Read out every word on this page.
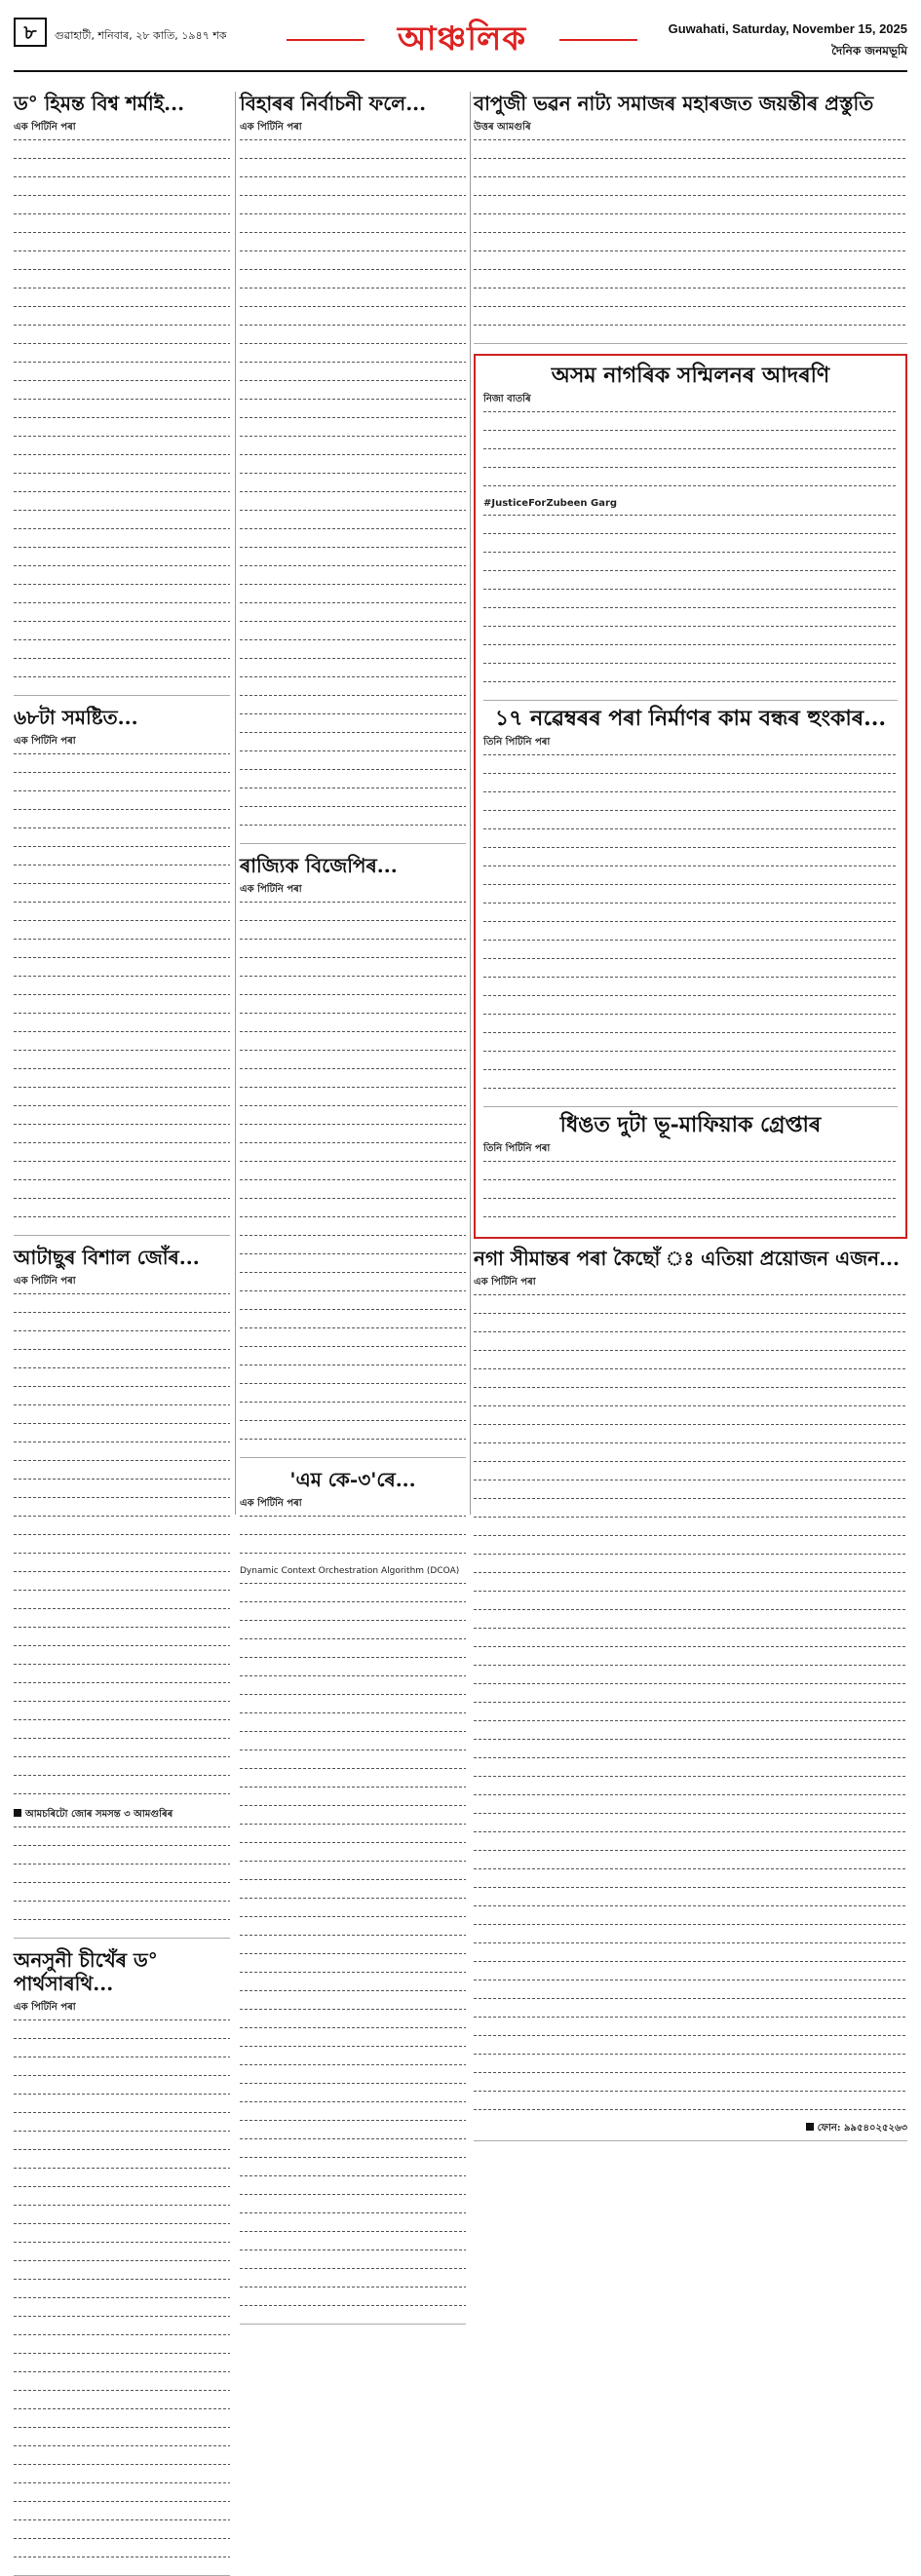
৮	গুৱাহাটী, শনিবাৰ, ২৮ কাতি, ১৯৪৭ শক	আঞ্চলিক	Guwahati, Saturday, November 15, 2025
দৈনিক জনমভূমি
ড° হিমন্ত বিশ্ব শৰ্মাই...
এক পিটিনি পৰা
৬৮টা সমষ্টিত...
এক পিটিনি পৰা
আটাছুৰ বিশাল জোঁৰ...
এক পিটিনি পৰা
আমচৰিটো জোৰ সমসন্ত ৩ আমগুৰিৰ
অনসুনী চীখেঁৰ ড° পাৰ্থসাৰথি...
এক পিটিনি পৰা
বিহাৰৰ নিৰ্বাচনী ফলে...
এক পিটিনি পৰা
ৰাজ্যিক বিজেপিৰ...
এক পিটিনি পৰা
'এম কে-৩'ৰে...
এক পিটিনি পৰা
Dynamic Context Orchestration Algorithm (DCOA)
বাপুজী ভৱন নাট্য সমাজৰ মহাৰজত জয়ন্তীৰ প্ৰস্তুতি
উত্তৰ আমগুৰি
অসম নাগৰিক সন্মিলনৰ আদৰণি
নিজা বাতৰি
#JusticeForZubeen Garg
১৭ নৱেম্বৰৰ পৰা নিৰ্মাণৰ কাম বন্ধৰ হুংকাৰ...
তিনি পিটিনি পৰা
ধিঙত দুটা ভূ-মাফিয়াক গ্ৰেপ্তাৰ
তিনি পিটিনি পৰা
নগা সীমান্তৰ পৰা কৈছোঁ ঃ এতিয়া প্ৰয়োজন এজন...
এক পিটিনি পৰা
ফোন: ৯৯৫৪০২৫২৬৩
